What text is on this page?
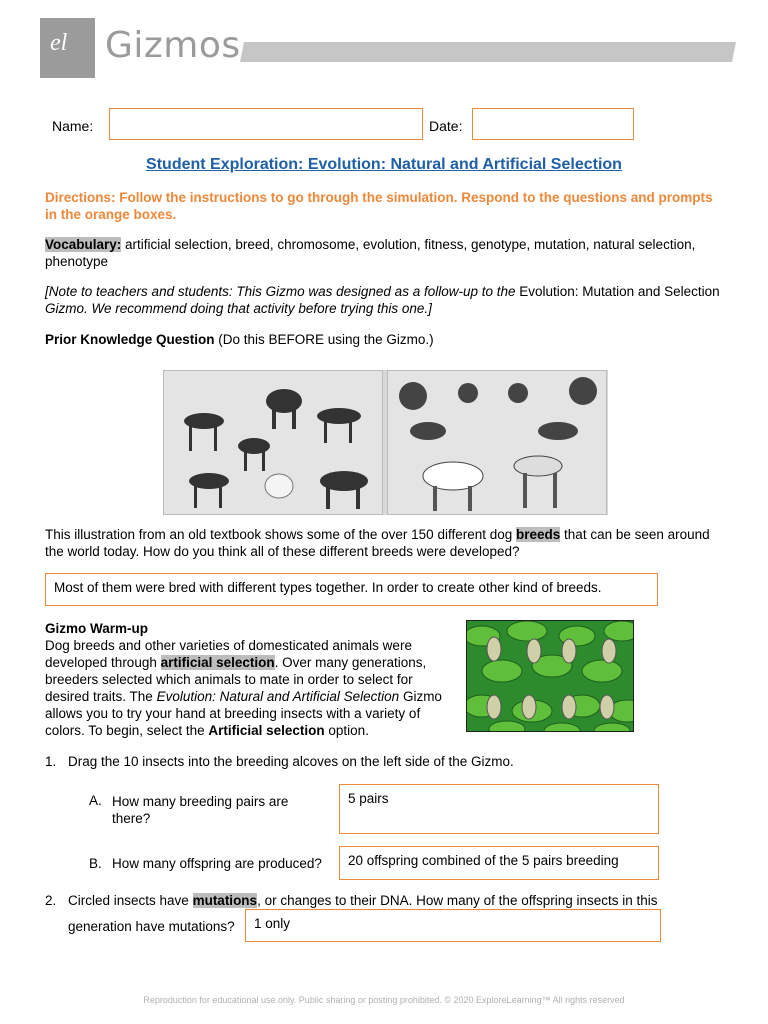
el Gizmos
Name:	Date:
Student Exploration: Evolution: Natural and Artificial Selection

Directions: Follow the instructions to go through the simulation. Respond to the questions and prompts in the orange boxes.

Vocabulary: artificial selection, breed, chromosome, evolution, fitness, genotype, mutation, natural selection, phenotype

[Note to teachers and students: This Gizmo was designed as a follow-up to the Evolution: Mutation and Selection Gizmo. We recommend doing that activity before trying this one.]

Prior Knowledge Question (Do this BEFORE using the Gizmo.)

This illustration from an old textbook shows some of the over 150 different dog breeds that can be seen around the world today. How do you think all of these different breeds were developed?

Most of them were bred with different types together. In order to create other kind of breeds.

Gizmo Warm-up

Dog breeds and other varieties of domesticated animals were developed through artificial selection. Over many generations, breeders selected which animals to mate in order to select for desired traits. The Evolution: Natural and Artificial Selection Gizmo allows you to try your hand at breeding insects with a variety of colors. To begin, select the Artificial selection option.

1. Drag the 10 insects into the breeding alcoves on the left side of the Gizmo.
A. How many breeding pairs are there?
5 pairs
B. How many offspring are produced?	20 offspring combined of the 5 pairs breeding
2. Circled insects have mutations, or changes to their DNA. How many of the offspring insects in this
generation have mutations?	1 only
Reproduction for educational use only. Public sharing or posting prohibited. © 2020 ExploreLearning™ All rights reserved
